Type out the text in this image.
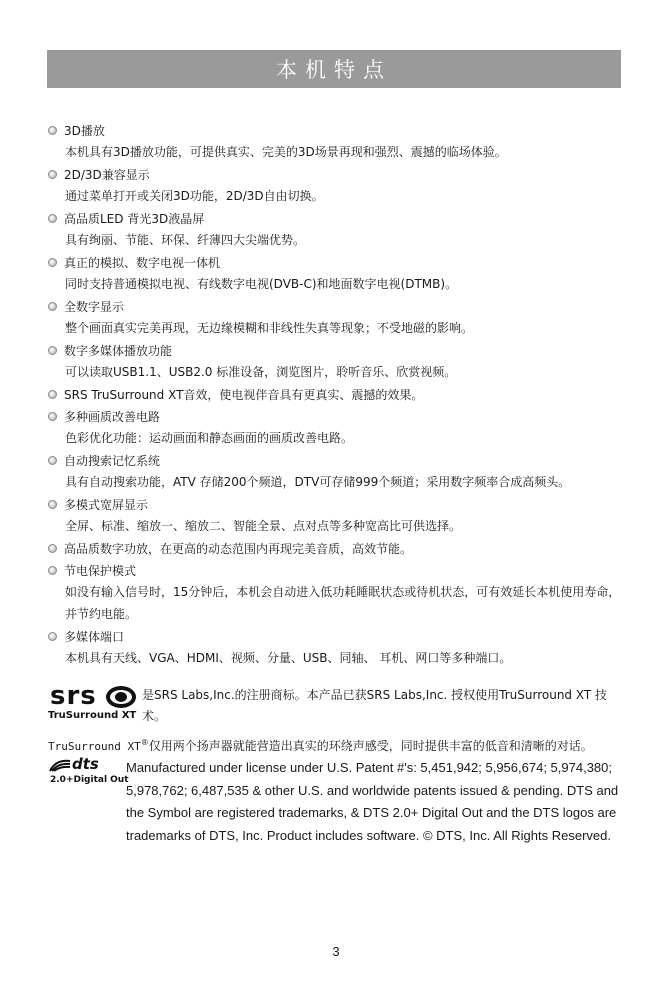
本机特点
3D播放
本机具有3D播放功能，可提供真实、完美的3D场景再现和强烈、震撼的临场体验。
2D/3D兼容显示
通过菜单打开或关闭3D功能，2D/3D自由切换。
高品质LED 背光3D液晶屏
具有绚丽、节能、环保、纤薄四大尖端优势。
真正的模拟、数字电视一体机
同时支持普通模拟电视、有线数字电视(DVB-C)和地面数字电视(DTMB)。
全数字显示
整个画面真实完美再现，无边缘模糊和非线性失真等现象；不受地磁的影响。
数字多媒体播放功能
可以读取USB1.1、USB2.0 标准设备，浏览图片，聆听音乐、欣赏视频。
SRS TruSurround XT音效，使电视伴音具有更真实、震撼的效果。
多种画质改善电路
色彩优化功能：运动画面和静态画面的画质改善电路。
自动搜索记忆系统
具有自动搜索功能，ATV 存储200个频道，DTV可存储999个频道；采用数字频率合成高频头。
多模式宽屏显示
全屏、标准、缩放一、缩放二、智能全景、点对点等多种宽高比可供选择。
高品质数字功放，在更高的动态范围内再现完美音质，高效节能。
节电保护模式
如没有输入信号时，15分钟后，本机会自动进入低功耗睡眠状态或待机状态，可有效延长本机使用寿命，并节约电能。
多媒体端口
本机具有天线、VGA、HDMI、视频、分量、USB、同轴、 耳机、网口等多种端口。
srs
TruSurround XT
是SRS Labs,Inc.的注册商标。本产品已获SRS Labs,Inc. 授权使用TruSurround XT 技术。
TruSurround XT®仅用两个扬声器就能营造出真实的环绕声感受，同时提供丰富的低音和清晰的对话。
dts
2.0+Digital Out
Manufactured under license under U.S. Patent #'s: 5,451,942; 5,956,674; 5,974,380; 5,978,762; 6,487,535 & other U.S. and worldwide patents issued & pending. DTS and the Symbol are registered trademarks, & DTS 2.0+ Digital Out and the DTS logos are trademarks of DTS, Inc. Product includes software. © DTS, Inc. All Rights Reserved.
3
